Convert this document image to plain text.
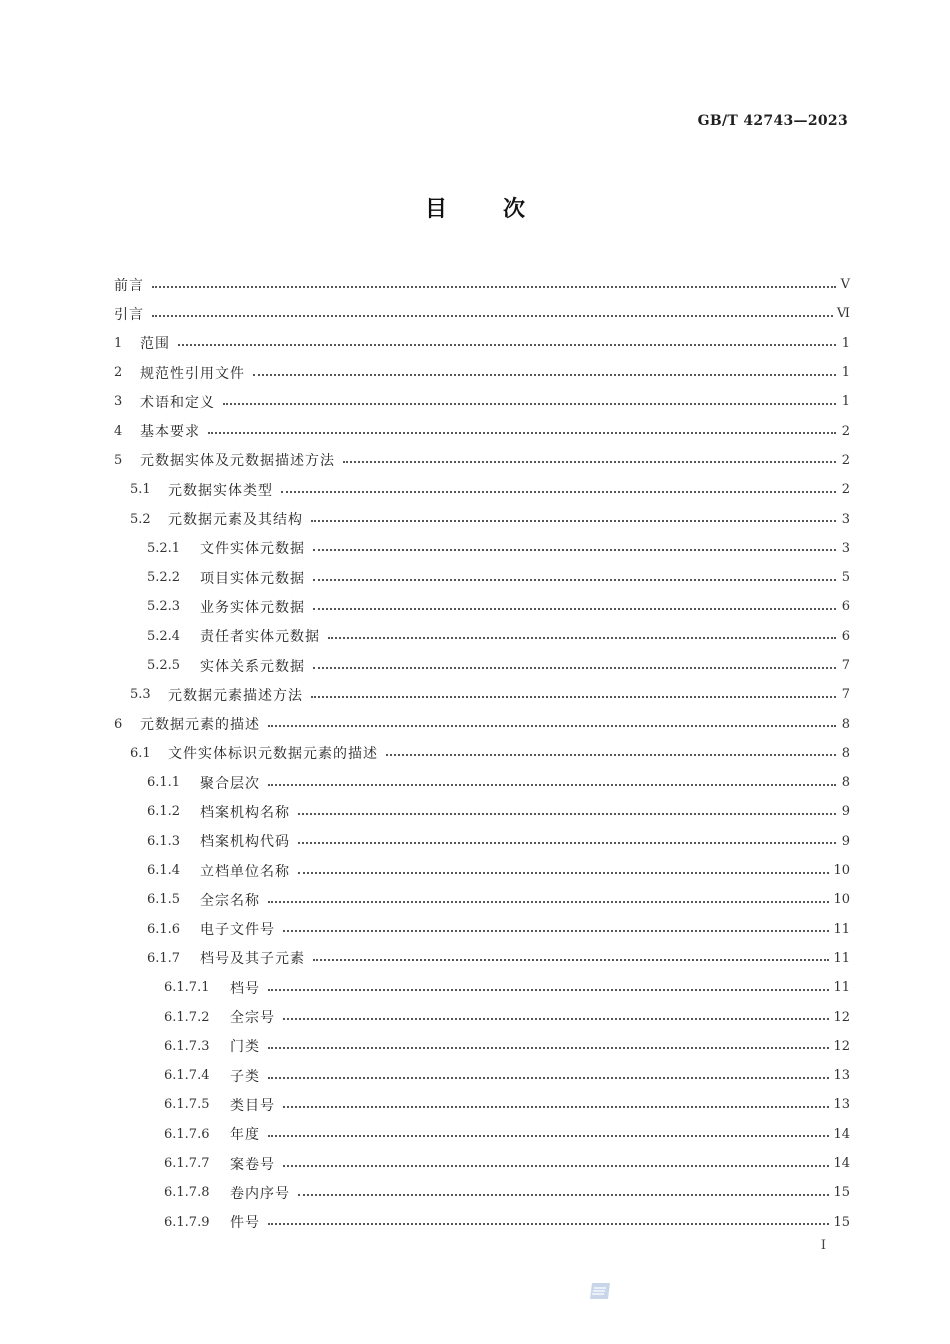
GB/T 42743—2023
目次
前言	Ⅴ
引言	Ⅵ
1	范围	1
2	规范性引用文件	1
3	术语和定义	1
4	基本要求	2
5	元数据实体及元数据描述方法	2
5.1	元数据实体类型	2
5.2	元数据元素及其结构	3
5.2.1	文件实体元数据	3
5.2.2	项目实体元数据	5
5.2.3	业务实体元数据	6
5.2.4	责任者实体元数据	6
5.2.5	实体关系元数据	7
5.3	元数据元素描述方法	7
6	元数据元素的描述	8
6.1	文件实体标识元数据元素的描述	8
6.1.1	聚合层次	8
6.1.2	档案机构名称	9
6.1.3	档案机构代码	9
6.1.4	立档单位名称	10
6.1.5	全宗名称	10
6.1.6	电子文件号	11
6.1.7	档号及其子元素	11
6.1.7.1	档号	11
6.1.7.2	全宗号	12
6.1.7.3	门类	12
6.1.7.4	子类	13
6.1.7.5	类目号	13
6.1.7.6	年度	14
6.1.7.7	案卷号	14
6.1.7.8	卷内序号	15
6.1.7.9	件号	15
Ⅰ
